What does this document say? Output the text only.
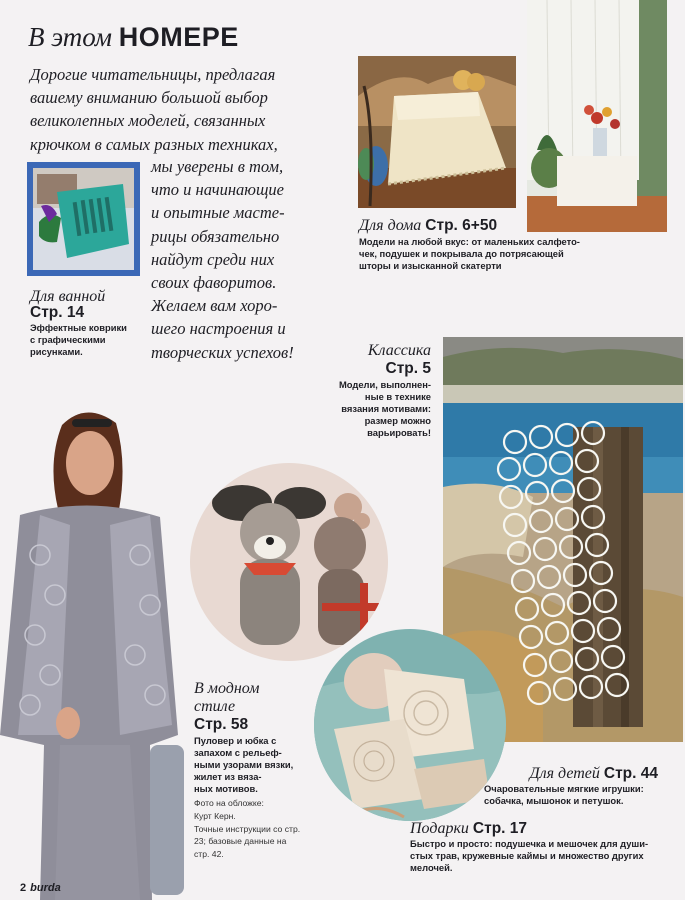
В этом НОМЕРЕ
Дорогие читательницы, предлагая
вашему вниманию большой выбор
великолепных моделей, связанных
крючком в самых разных техниках,
мы уверены в том,
что и начинающие
и опытные масте-
рицы обязательно
найдут среди них
своих фаворитов.
Желаем вам хоро-
шего настроения и
творческих успехов!
Для ванной
Стр. 14
Эффектные коврики
с графическими
рисунками.
Для дома Стр. 6+50
Модели на любой вкус: от маленьких салфето-
чек, подушек и покрывала до потрясающей
шторы и изысканной скатерти
Классика
Стр. 5
Модели, выполнен-
ные в технике
вязания мотивами:
размер можно
варьировать!
В модном
стиле
Стр. 58
Пуловер и юбка с
запахом с рельеф-
ными узорами вязки,
жилет из вяза-
ных мотивов.
Фото на обложке:
Курт Керн.
Точные инструкции со стр.
23; базовые данные на
стр. 42.
Для детей Стр. 44
Очаровательные мягкие игрушки:
собачка, мышонок и петушок.
Подарки Стр. 17
Быстро и просто: подушечка и мешочек для души-
стых трав, кружевные каймы и множество других
мелочей.
2 burda
